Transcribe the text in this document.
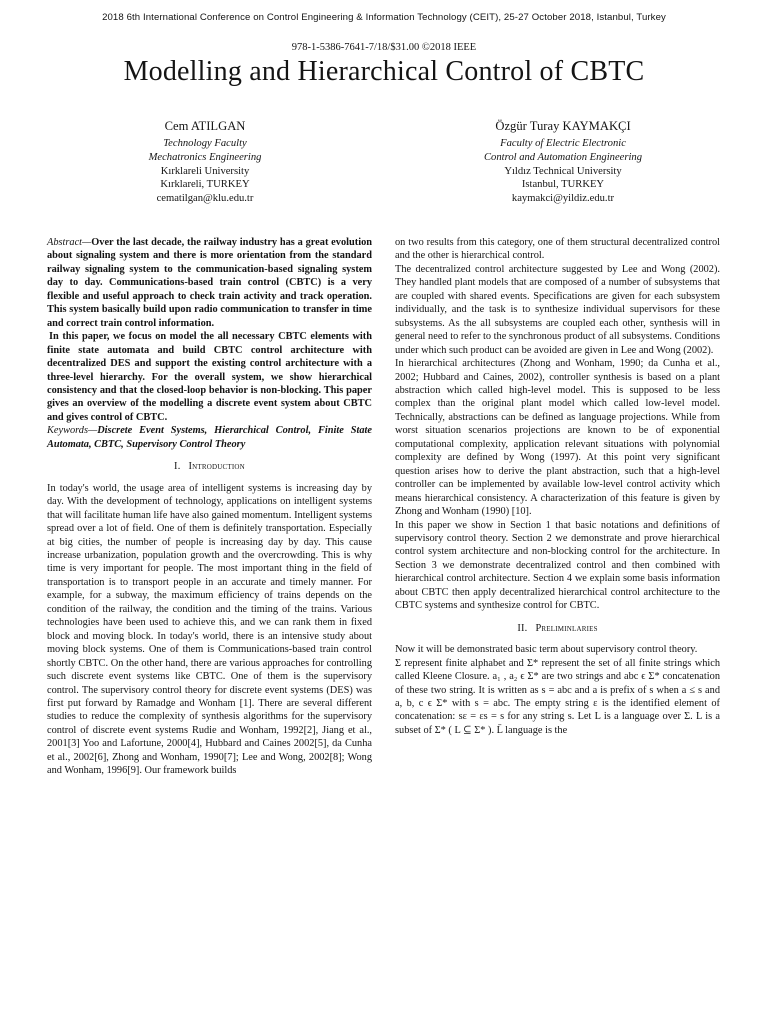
2018 6th International Conference on Control Engineering & Information Technology (CEIT), 25-27 October 2018, Istanbul, Turkey
978-1-5386-7641-7/18/$31.00 ©2018 IEEE
Modelling and Hierarchical Control of CBTC
Cem ATILGAN
Technology Faculty
Mechatronics Engineering
Kırklareli University
Kırklareli, TURKEY
cematilgan@klu.edu.tr
Özgür Turay KAYMAKÇI
Faculty of Electric Electronic
Control and Automation Engineering
Yıldız Technical University
Istanbul, TURKEY
kaymakci@yildiz.edu.tr

Abstract—Over the last decade, the railway industry has a great evolution about signaling system and there is more orientation from the standard railway signaling system to the communication-based signaling system day to day. Communications-based train control (CBTC) is a very flexible and useful approach to check train activity and track operation. This system basically build upon radio communication to transfer in time and correct train control information.

In this paper, we focus on model the all necessary CBTC elements with finite state automata and build CBTC control architecture with decentralized DES and support the existing control architecture with a three-level hierarchy. For the overall system, we show hierarchical consistency and that the closed-loop behavior is non-blocking. This paper gives an overview of the modelling a discrete event system about CBTC and gives control of CBTC.

Keywords—Discrete Event Systems, Hierarchical Control, Finite State Automata, CBTC, Supervisory Control Theory

I. Introduction

In today's world, the usage area of intelligent systems is increasing day by day. With the development of technology, applications on intelligent systems that will facilitate human life have also gained momentum. Intelligent systems spread over a lot of field. One of them is definitely transportation. Especially at big cities, the number of people is increasing day by day. This cause increase urbanization, population growth and the overcrowding. This is why time is very important for people. The most important thing in the field of transportation is to transport people in an accurate and timely manner. For example, for a subway, the maximum efficiency of trains depends on the condition of the railway, the condition and the timing of the trains. Various technologies have been used to achieve this, and we can rank them in fixed block and moving block. In today's world, there is an intensive study about moving block systems. One of them is Communications-based train control shortly CBTC. On the other hand, there are various approaches for controlling such discrete event systems like CBTC. One of them is the supervisory control. The supervisory control theory for discrete event systems (DES) was first put forward by Ramadge and Wonham [1]. There are several different studies to reduce the complexity of synthesis algorithms for the supervisory control of discrete event systems Rudie and Wonham, 1992[2], Jiang et al., 2001[3] Yoo and Lafortune, 2000[4], Hubbard and Caines 2002[5], da Cunha et al., 2002[6], Zhong and Wonham, 1990[7]; Lee and Wong, 2002[8]; Wong and Wonham, 1996[9]. Our framework builds

on two results from this category, one of them structural decentralized control and the other is hierarchical control.

The decentralized control architecture suggested by Lee and Wong (2002). They handled plant models that are composed of a number of subsystems that are coupled with shared events. Specifications are given for each subsystem individually, and the task is to synthesize individual supervisors for these subsystems. As the all subsystems are coupled each other, synthesis will in general need to refer to the synchronous product of all subsystems. Conditions under which such product can be avoided are given in Lee and Wong (2002).

In hierarchical architectures (Zhong and Wonham, 1990; da Cunha et al., 2002; Hubbard and Caines, 2002), controller synthesis is based on a plant abstraction which called high-level model. This is supposed to be less complex than the original plant model which called low-level model. Technically, abstractions can be defined as language projections. While from worst situation scenarios projections are known to be of exponential computational complexity, application relevant situations with polynomial complexity are defined by Wong (1997). At this point very significant question arises how to derive the plant abstraction, such that a high-level controller can be implemented by available low-level control activity which means hierarchical consistency. A characterization of this feature is given by Zhong and Wonham (1990) [10].

In this paper we show in Section 1 that basic notations and definitions of supervisory control theory. Section 2 we demonstrate and prove hierarchical control system architecture and non-blocking control for the architecture. In Section 3 we demonstrate decentralized control and then combined with hierarchical control architecture. Section 4 we explain some basis information about CBTC then apply decentralized hierarchical control architecture to the CBTC systems and synthesize control for CBTC.

II. Preliminlaries

Now it will be demonstrated basic term about supervisory control theory.

Σ represent finite alphabet and Σ* represent the set of all finite strings which called Kleene Closure. a₁ , a₂ ϵ Σ* are two strings and abc ϵ Σ* concatenation of these two string. It is written as s = abc and a is prefix of s when a ≤ s and a, b, c ϵ Σ* with s = abc. The empty string ε is the identified element of concatenation: sε = εs = s for any string s. Let L is a language over Σ. L is a subset of Σ* ( L ⊆ Σ* ). L̄ language is the
